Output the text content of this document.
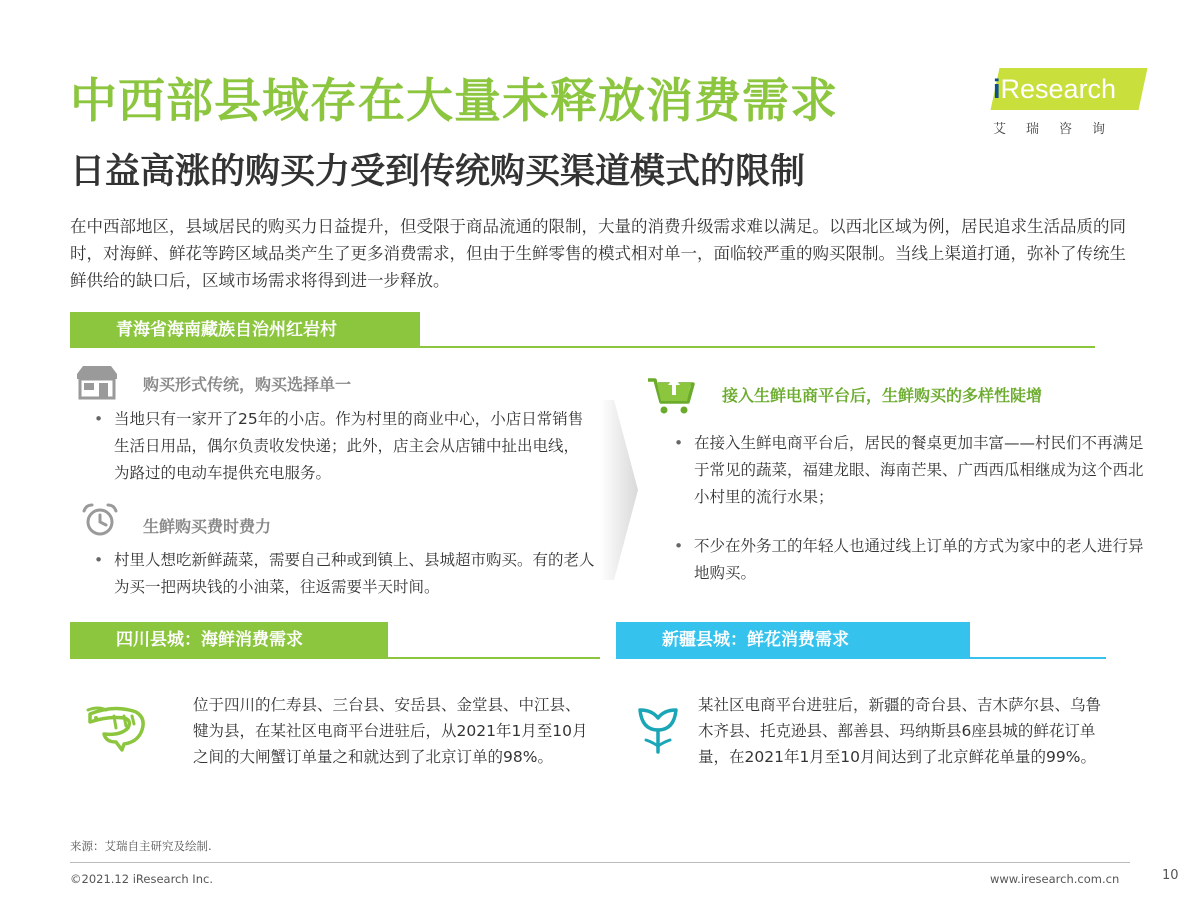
中西部县域存在大量未释放消费需求
日益高涨的购买力受到传统购买渠道模式的限制
iResearch
艾瑞咨询
在中西部地区，县域居民的购买力日益提升，但受限于商品流通的限制，大量的消费升级需求难以满足。以西北区域为例，居民追求生活品质的同时，对海鲜、鲜花等跨区域品类产生了更多消费需求，但由于生鲜零售的模式相对单一，面临较严重的购买限制。当线上渠道打通，弥补了传统生鲜供给的缺口后，区域市场需求将得到进一步释放。
青海省海南藏族自治州红岩村
购买形式传统，购买选择单一
• 当地只有一家开了25年的小店。作为村里的商业中心，小店日常销售生活日用品，偶尔负责收发快递；此外，店主会从店铺中扯出电线，为路过的电动车提供充电服务。
生鲜购买费时费力
• 村里人想吃新鲜蔬菜，需要自己种或到镇上、县城超市购买。有的老人为买一把两块钱的小油菜，往返需要半天时间。
接入生鲜电商平台后，生鲜购买的多样性陡增
• 在接入生鲜电商平台后，居民的餐桌更加丰富——村民们不再满足于常见的蔬菜，福建龙眼、海南芒果、广西西瓜相继成为这个西北小村里的流行水果；
• 不少在外务工的年轻人也通过线上订单的方式为家中的老人进行异地购买。
四川县城：海鲜消费需求
位于四川的仁寿县、三台县、安岳县、金堂县、中江县、犍为县，在某社区电商平台进驻后，从2021年1月至10月之间的大闸蟹订单量之和就达到了北京订单的98%。
新疆县城：鲜花消费需求
某社区电商平台进驻后，新疆的奇台县、吉木萨尔县、乌鲁木齐县、托克逊县、鄯善县、玛纳斯县6座县城的鲜花订单量，在2021年1月至10月间达到了北京鲜花单量的99%。
来源：艾瑞自主研究及绘制.
©2021.12 iResearch Inc.	www.iresearch.com.cn	10
